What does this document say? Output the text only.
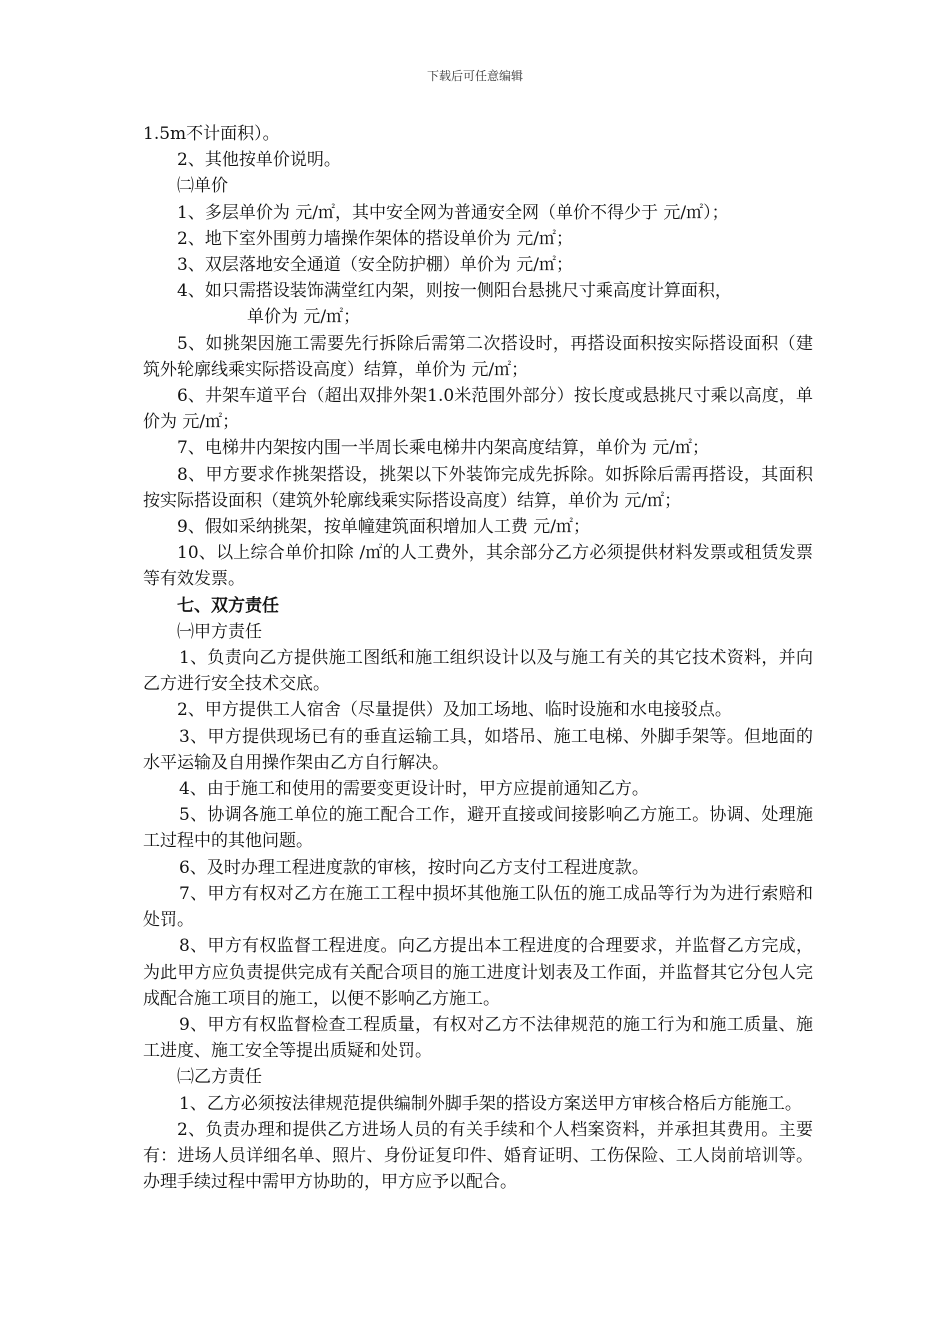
下载后可任意编辑

1.5m不计面积）。

2、其他按单价说明。

㈡单价

1、多层单价为 元/㎡，其中安全网为普通安全网（单价不得少于 元/㎡）；

2、地下室外围剪力墙操作架体的搭设单价为 元/㎡；

3、双层落地安全通道（安全防护棚）单价为 元/㎡；

4、如只需搭设装饰满堂红内架，则按一侧阳台悬挑尺寸乘高度计算面积，

单价为 元/㎡；

5、如挑架因施工需要先行拆除后需第二次搭设时，再搭设面积按实际搭设面积（建筑外轮廓线乘实际搭设高度）结算，单价为 元/㎡；

6、井架车道平台（超出双排外架1.0米范围外部分）按长度或悬挑尺寸乘以高度，单价为 元/㎡；

7、电梯井内架按内围一半周长乘电梯井内架高度结算，单价为 元/㎡；

8、甲方要求作挑架搭设，挑架以下外装饰完成先拆除。如拆除后需再搭设，其面积按实际搭设面积（建筑外轮廓线乘实际搭设高度）结算，单价为 元/㎡；

9、假如采纳挑架，按单幢建筑面积增加人工费 元/㎡；

10、以上综合单价扣除 /㎡的人工费外，其余部分乙方必须提供材料发票或租赁发票等有效发票。

七、双方责任

㈠甲方责任

1、负责向乙方提供施工图纸和施工组织设计以及与施工有关的其它技术资料，并向乙方进行安全技术交底。

2、甲方提供工人宿舍（尽量提供）及加工场地、临时设施和水电接驳点。

3、甲方提供现场已有的垂直运输工具，如塔吊、施工电梯、外脚手架等。但地面的水平运输及自用操作架由乙方自行解决。

4、由于施工和使用的需要变更设计时，甲方应提前通知乙方。

5、协调各施工单位的施工配合工作，避开直接或间接影响乙方施工。协调、处理施工过程中的其他问题。

6、及时办理工程进度款的审核，按时向乙方支付工程进度款。

7、甲方有权对乙方在施工工程中损坏其他施工队伍的施工成品等行为为进行索赔和处罚。

8、甲方有权监督工程进度。向乙方提出本工程进度的合理要求，并监督乙方完成，为此甲方应负责提供完成有关配合项目的施工进度计划表及工作面，并监督其它分包人完成配合施工项目的施工，以便不影响乙方施工。

9、甲方有权监督检查工程质量，有权对乙方不法律规范的施工行为和施工质量、施工进度、施工安全等提出质疑和处罚。

㈡乙方责任

1、乙方必须按法律规范提供编制外脚手架的搭设方案送甲方审核合格后方能施工。

2、负责办理和提供乙方进场人员的有关手续和个人档案资料，并承担其费用。主要有：进场人员详细名单、照片、身份证复印件、婚育证明、工伤保险、工人岗前培训等。办理手续过程中需甲方协助的，甲方应予以配合。
